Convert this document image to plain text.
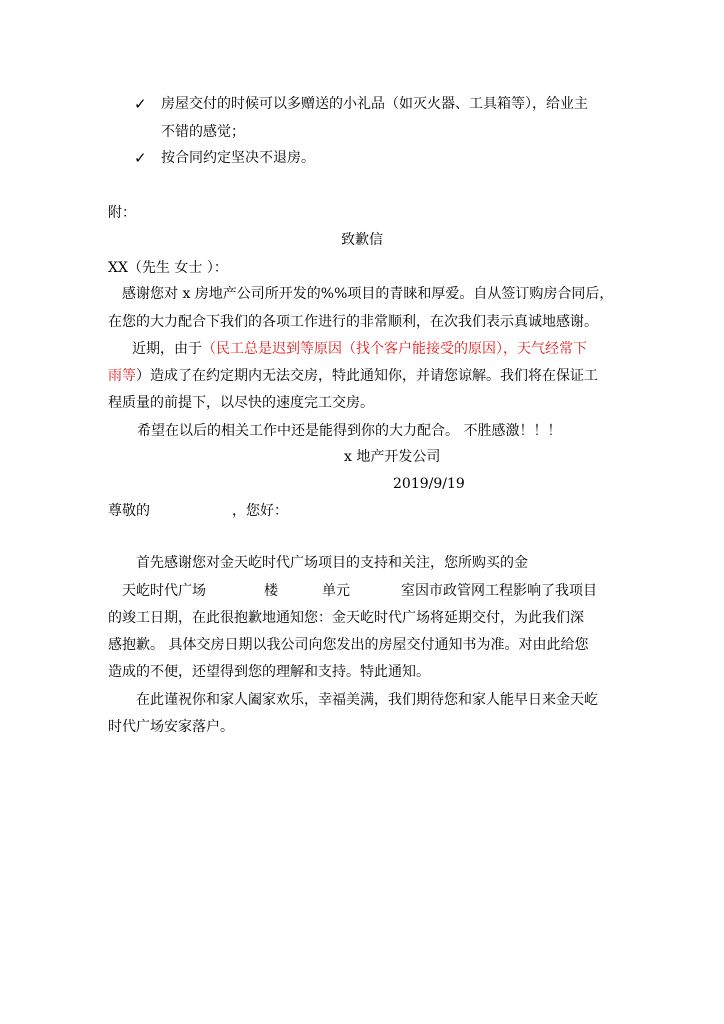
✓ 房屋交付的时候可以多赠送的小礼品（如灭火器、工具箱等），给业主
不错的感觉；
✓ 按合同约定坚决不退房。
附：
致歉信
XX（先生 女士 ）：
感谢您对 x 房地产公司所开发的%%项目的青睐和厚爱。自从签订购房合同后，
在您的大力配合下我们的各项工作进行的非常顺利，在次我们表示真诚地感谢。
近期，由于（民工总是迟到等原因（找个客户能接受的原因），天气经常下
雨等）造成了在约定期内无法交房，特此通知你，并请您谅解。我们将在保证工
程质量的前提下，以尽快的速度完工交房。
希望在以后的相关工作中还是能得到你的大力配合。 不胜感激！！！
x 地产开发公司
2019/9/19
尊敬的	，您好：
首先感谢您对金天屹时代广场项目的支持和关注，您所购买的金
天屹时代广场	楼	单元	室因市政管网工程影响了我项目
的竣工日期，在此很抱歉地通知您：金天屹时代广场将延期交付，为此我们深
感抱歉。 具体交房日期以我公司向您发出的房屋交付通知书为准。对由此给您
造成的不便，还望得到您的理解和支持。特此通知。
在此谨祝你和家人阖家欢乐，幸福美满，我们期待您和家人能早日来金天屹
时代广场安家落户。
